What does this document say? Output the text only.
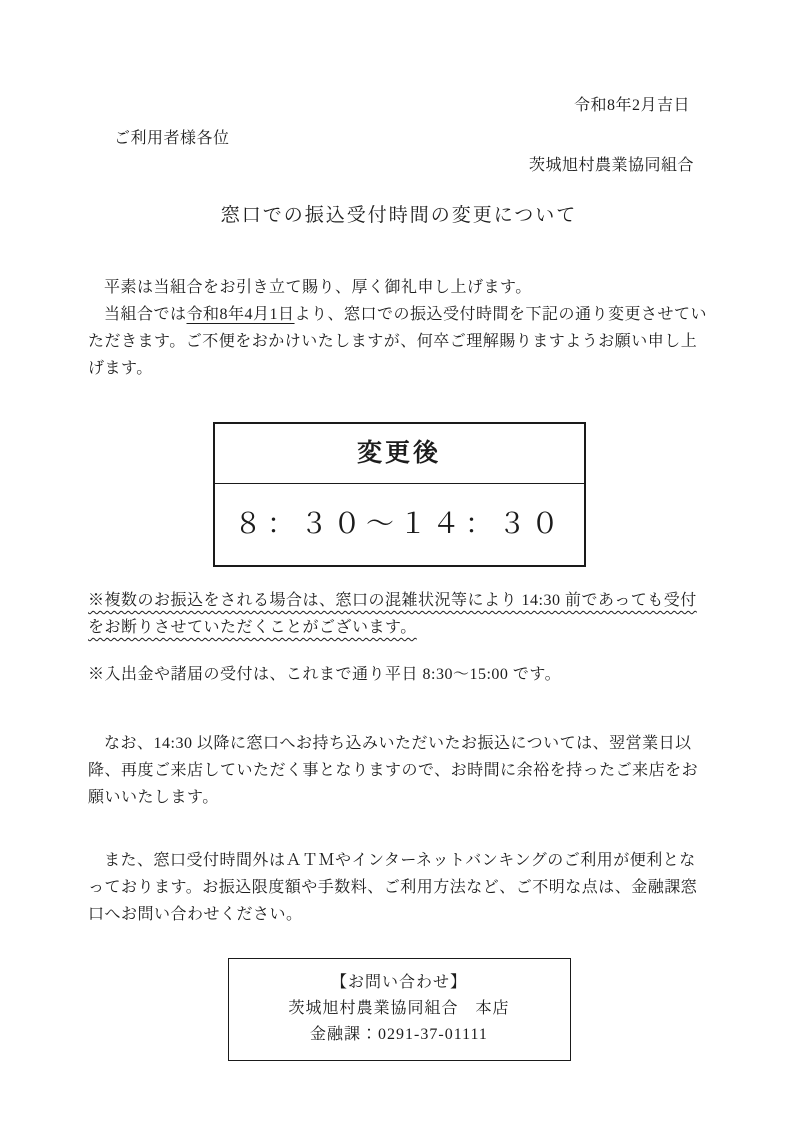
令和8年2月吉日
ご利用者様各位
茨城旭村農業協同組合
窓口での振込受付時間の変更について

平素は当組合をお引き立て賜り、厚く御礼申し上げます。

当組合では令和8年4月1日より、窓口での振込受付時間を下記の通り変更させていただきます。ご不便をおかけいたしますが、何卒ご理解賜りますようお願い申し上げます。

変更後
８：３０～１４：３０

※複数のお振込をされる場合は、窓口の混雑状況等により 14:30 前であっても受付をお断りさせていただくことがございます。

※入出金や諸届の受付は、これまで通り平日 8:30～15:00 です。

なお、14:30 以降に窓口へお持ち込みいただいたお振込については、翌営業日以降、再度ご来店していただく事となりますので、お時間に余裕を持ったご来店をお願いいたします。

また、窓口受付時間外はＡＴＭやインターネットバンキングのご利用が便利となっております。お振込限度額や手数料、ご利用方法など、ご不明な点は、金融課窓口へお問い合わせください。

【お問い合わせ】
茨城旭村農業協同組合　本店
金融課：0291-37-01111
